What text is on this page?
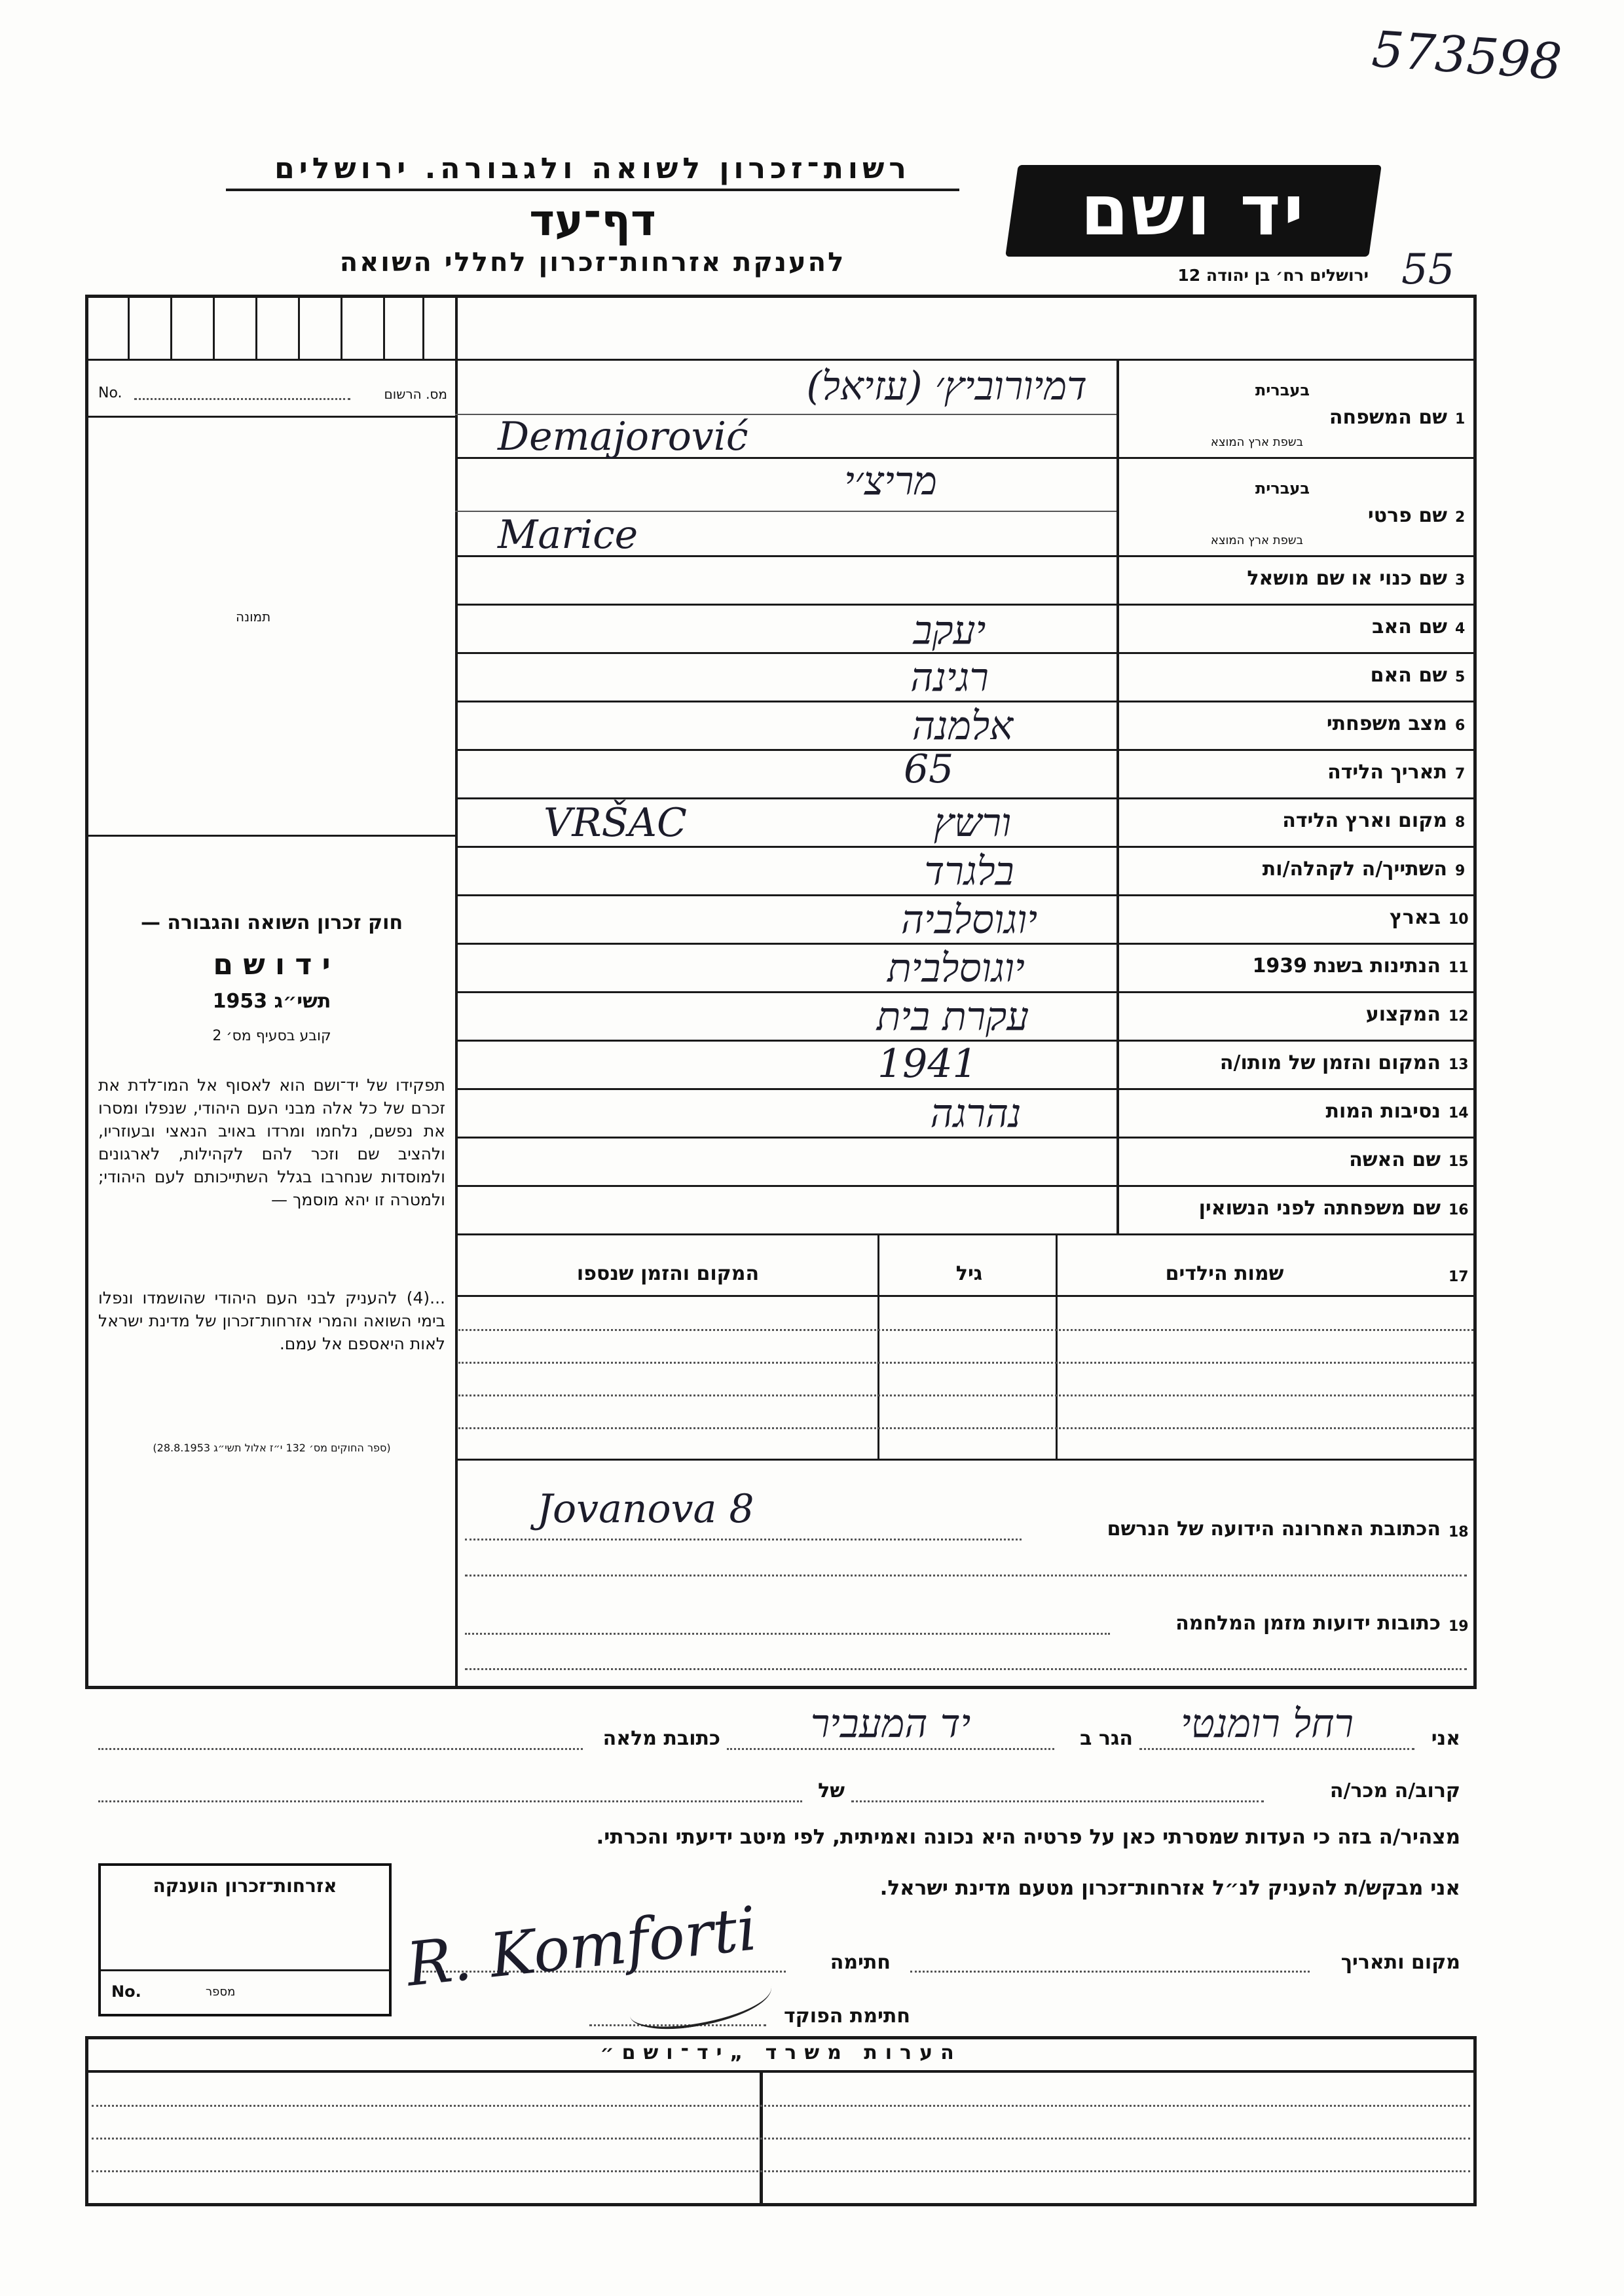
573598
55
יד ושם
ירושלים רח׳ בן יהודה 12
רשות־זכרון לשואה ולגבורה. ירושלים
דף־עד
להענקת אזרחות־זכרון לחללי השואה
No.	מס. הרשום
תמונה
חוק זכרון השואה והגבורה —
י ד ו ש ם
תשי״ג 1953
קובע בסעיף מס׳ 2
תפקידו של יד־ושם הוא לאסוף אל המו־לדת את זכרם של כל אלה מבני העם היהודי, שנפלו ומסרו את נפשם, נלחמו ומרדו באויב הנאצי ובעוזריו, ולהציב שם וזכר להם לקהילות, לארגונים ולמוסדות שנחרבו בגלל השתייכותם לעם היהודי; ולמטרה זו יהא מוסמך —
...(4) להעניק לבני העם היהודי שהושמדו ונפלו בימי השואה והמרי אזרחות־זכרון של מדינת ישראל לאות היאספם אל עמם.
(ספר החוקים מס׳ 132 י״ז אלול תשי״ג 28.8.1953)
1
שם המשפחה
בעברית
בשפת ארץ המוצא
דמיורוביץ׳ (עזיאל)
Demajorović
2
שם פרטי
בעברית
בשפת ארץ המוצא
מריצ׳י
Marice
3
שם כנוי או שם מושאל
4
שם האב
יעקב
5
שם האם
רגינה
6
מצב משפחתי
אלמנה
7
תאריך הלידה
65
8
מקום וארץ הלידה
ורשץ
VRŠAC
9
השתייך/ה לקהלה/ות
בלגרד
10
בארץ
יוגוסלביה
11
הנתינות בשנת 1939
יוגוסלבית
12
המקצוע
עקרת בית
13
המקום והזמן של מותו/ה
1941
14
נסיבות המות
נהרגה
15
שם האשה
16
שם משפחתה לפני הנשואין
17
שמות הילדים
גיל
המקום והזמן שנספו
18
הכתובת האחרונה הידועה של הנרשם
Jovanova 8
19
כתובות ידועות מזמן המלחמה
אני
רחל רומנטי
הגר ב
יד המעביר
כתובת מלאה
קרוב/ה מכר/ה
של
מצהיר/ה בזה כי העדות שמסרתי כאן על פרטיה היא נכונה ואמיתית, לפי מיטב ידיעתי והכרתי.
אני מבקש/ת להעניק לנ״ל אזרחות־זכרון מטעם מדינת ישראל.
אזרחות־זכרון הוענקה
No.	מספר
מקום ותאריך
חתימה
R. Komforti
חתימת הפוקד
הערות משרד „יד־ושם״
